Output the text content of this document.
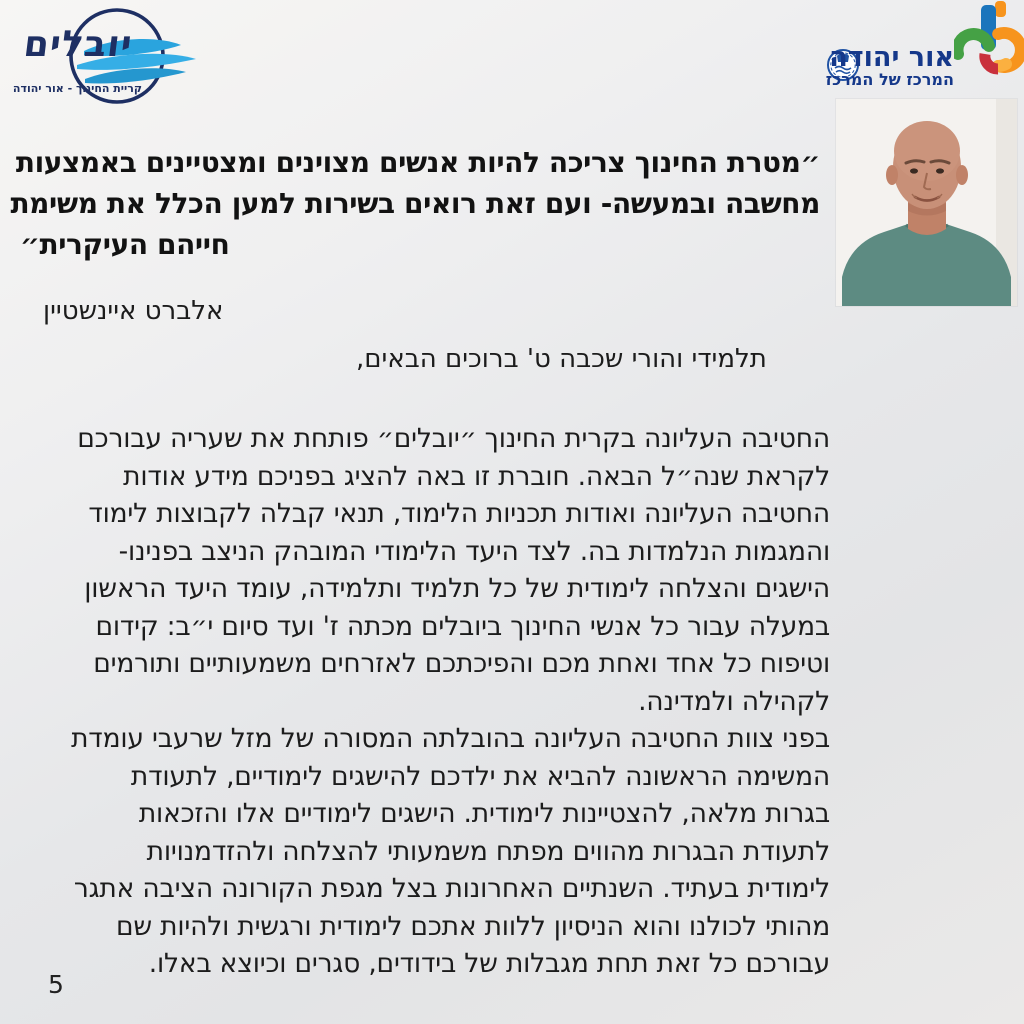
יובלים
קריית החינוך - אור יהודה
אור יהודה
המרכז של המרכז
״מטרת החינוך צריכה להיות אנשים מצוינים ומצטיינים באמצעות
מחשבה ובמעשה- ועם זאת רואים בשירות למען הכלל את משימת
חייהם העיקרית״
אלברט איינשטיין
תלמידי והורי שכבה ט' ברוכים הבאים,
החטיבה העליונה בקרית החינוך ״יובלים״ פותחת את שעריה עבורכם
לקראת שנה״ל הבאה. חוברת זו באה להציג בפניכם מידע אודות
החטיבה העליונה ואודות תכניות הלימוד, תנאי קבלה לקבוצות לימוד
והמגמות הנלמדות בה. לצד היעד הלימודי המובהק הניצב בפנינו-
הישגים והצלחה לימודית של כל תלמיד ותלמידה, עומד היעד הראשון
במעלה עבור כל אנשי החינוך ביובלים מכתה ז' ועד סיום י״ב: קידום
וטיפוח כל אחד ואחת מכם והפיכתכם לאזרחים משמעותיים ותורמים
לקהילה ולמדינה.
בפני צוות החטיבה העליונה בהובלתה המסורה של מזל שרעבי עומדת
המשימה הראשונה להביא את ילדכם להישגים לימודיים, לתעודת
בגרות מלאה, להצטיינות לימודית. הישגים לימודיים אלו והזכאות
לתעודת הבגרות מהווים מפתח משמעותי להצלחה ולהזדמנויות
לימודית בעתיד. השנתיים האחרונות בצל מגפת הקורונה הציבה אתגר
מהותי לכולנו והוא הניסיון ללוות אתכם לימודית ורגשית ולהיות שם
עבורכם כל זאת תחת מגבלות של בידודים, סגרים וכיוצא באלו.
5
